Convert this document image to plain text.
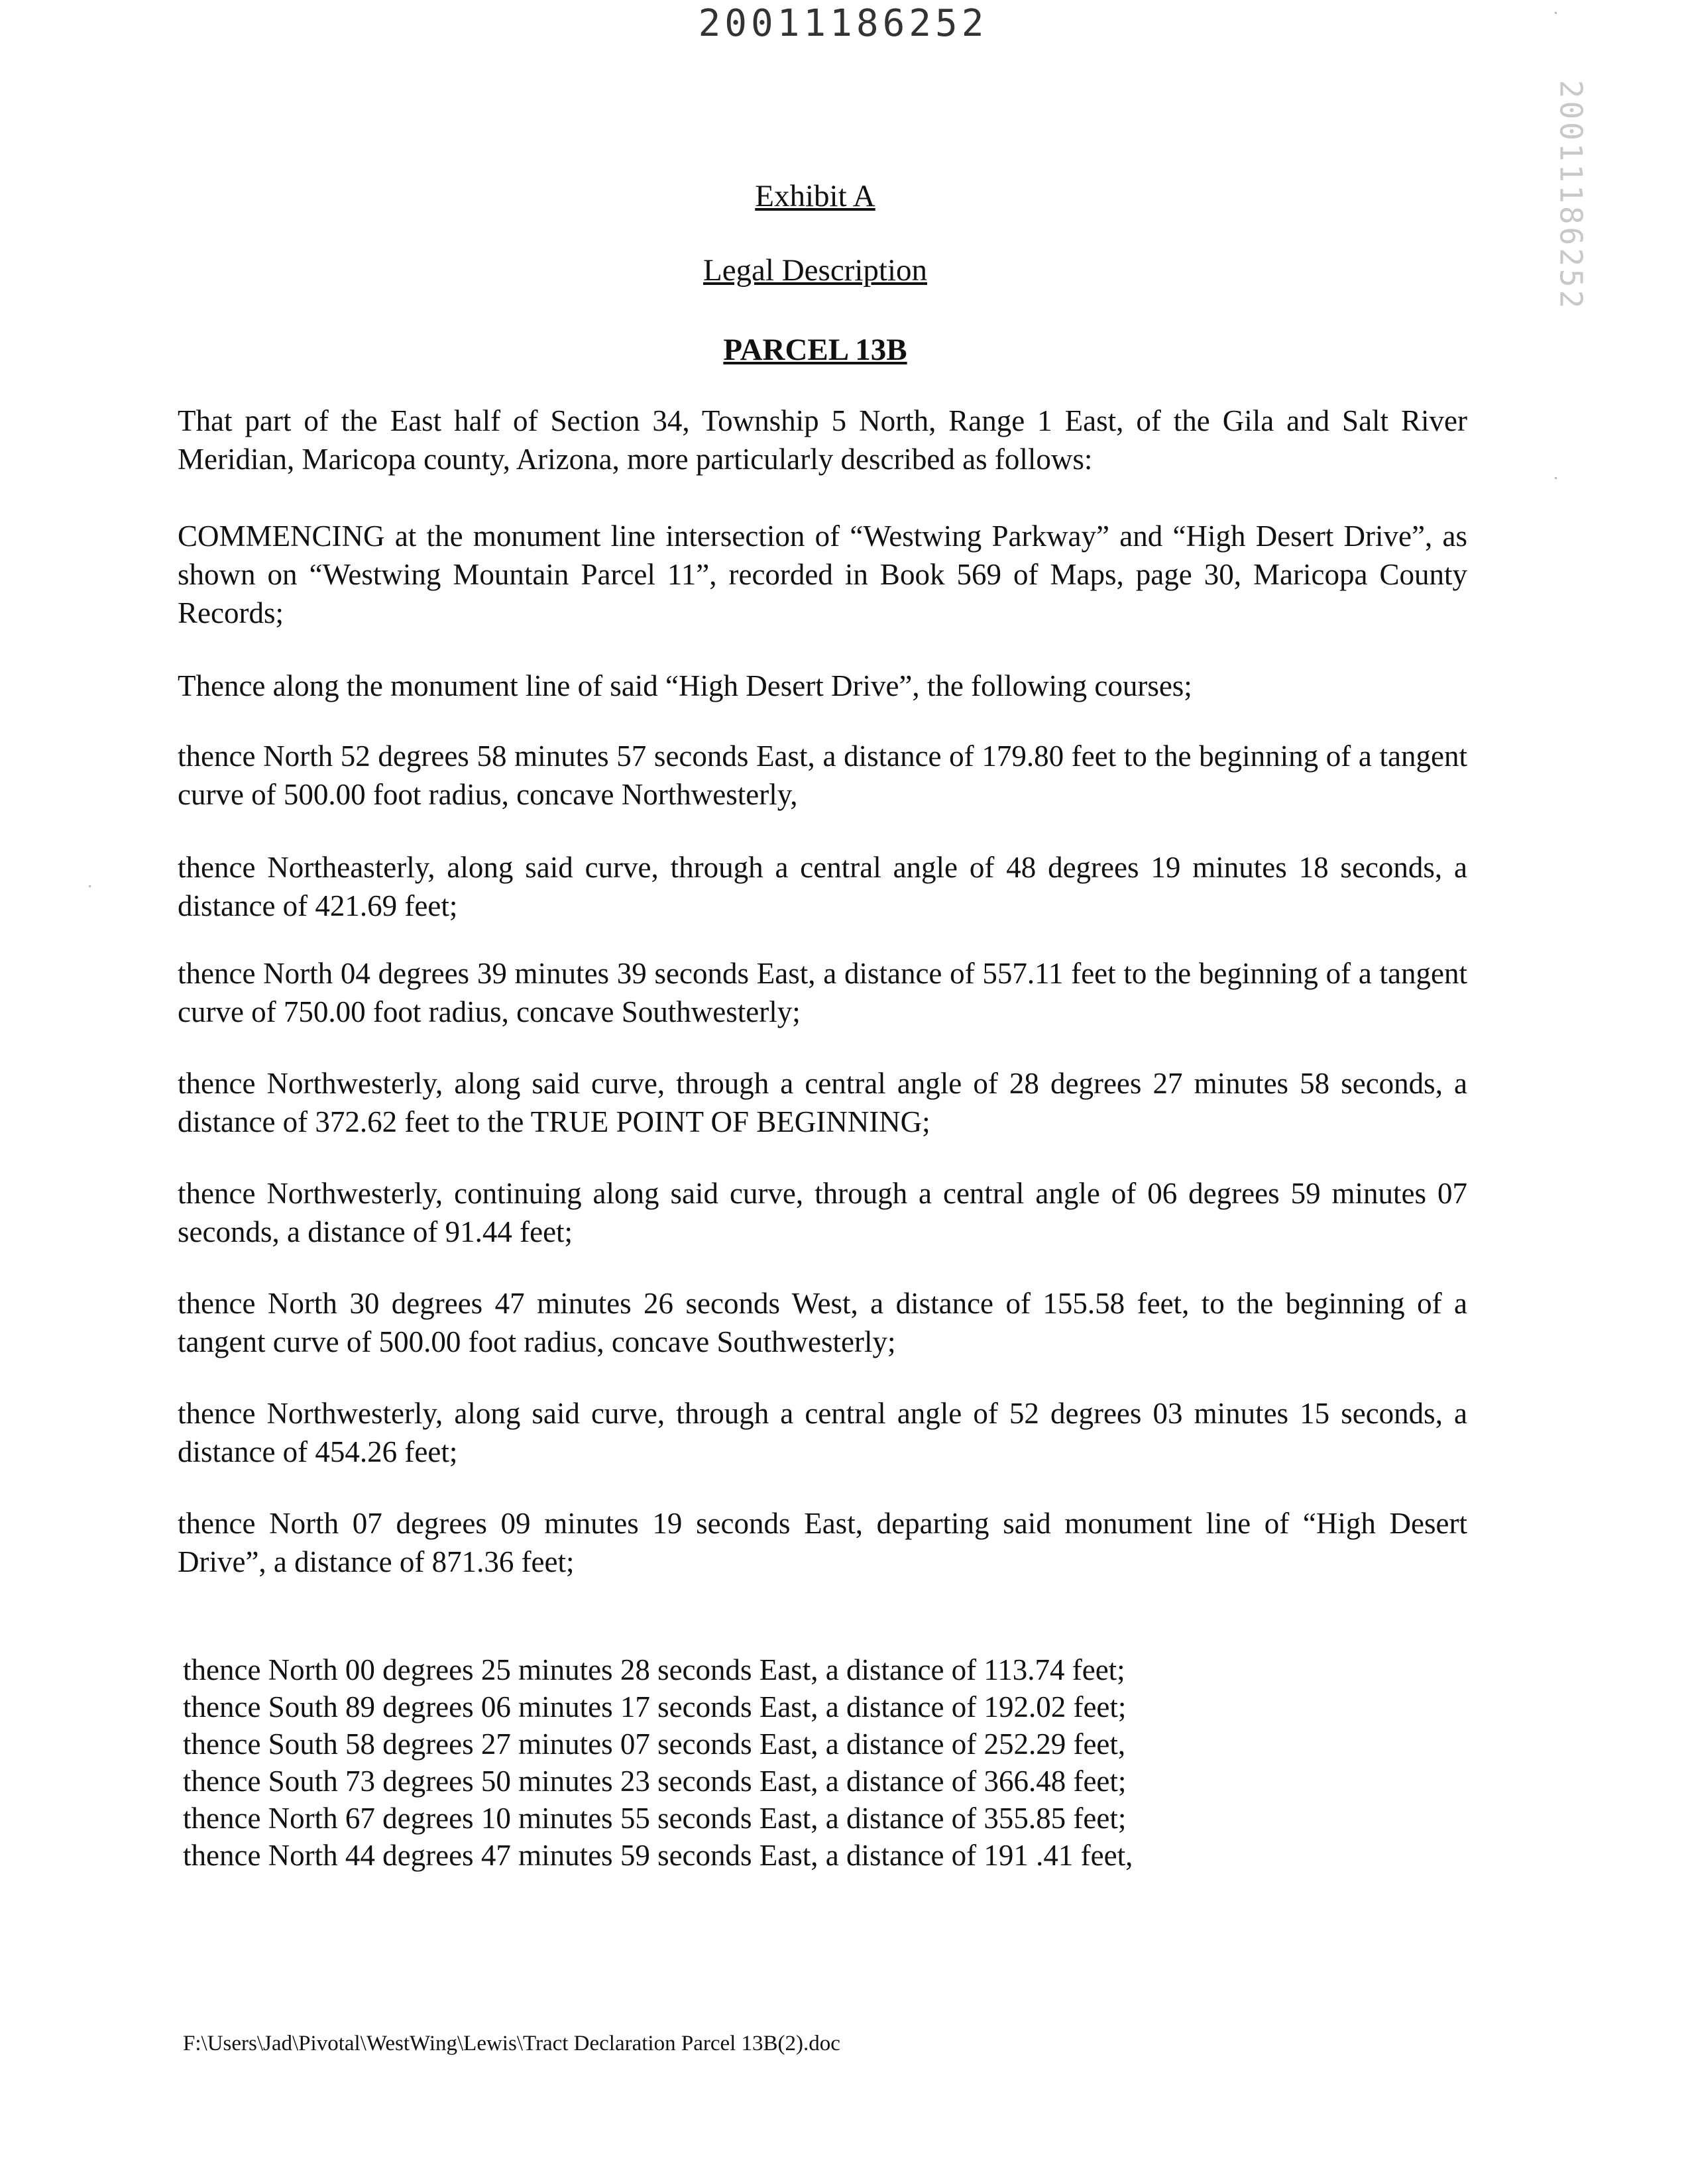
20011186252
20011186252
Exhibit A
Legal Description
PARCEL 13B
That part of the East half of Section 34, Township 5 North, Range 1 East, of the Gila and Salt River Meridian, Maricopa county, Arizona, more particularly described as follows:
COMMENCING at the monument line intersection of “Westwing Parkway” and “High Desert Drive”, as shown on “Westwing Mountain Parcel 11”, recorded in Book 569 of Maps, page 30, Maricopa County Records;
Thence along the monument line of said “High Desert Drive”, the following courses;
thence North 52 degrees 58 minutes 57 seconds East, a distance of 179.80 feet to the beginning of a tangent curve of 500.00 foot radius, concave Northwesterly,
thence Northeasterly, along said curve, through a central angle of 48 degrees 19 minutes 18 seconds, a distance of 421.69 feet;
thence North 04 degrees 39 minutes 39 seconds East, a distance of 557.11 feet to the beginning of a tangent curve of 750.00 foot radius, concave Southwesterly;
thence Northwesterly, along said curve, through a central angle of 28 degrees 27 minutes 58 seconds, a distance of 372.62 feet to the TRUE POINT OF BEGINNING;
thence Northwesterly, continuing along said curve, through a central angle of 06 degrees 59 minutes 07 seconds, a distance of 91.44 feet;
thence North 30 degrees 47 minutes 26 seconds West, a distance of 155.58 feet, to the beginning of a tangent curve of 500.00 foot radius, concave Southwesterly;
thence Northwesterly, along said curve, through a central angle of 52 degrees 03 minutes 15 seconds, a distance of 454.26 feet;
thence North 07 degrees 09 minutes 19 seconds East, departing said monument line of “High Desert Drive”, a distance of 871.36 feet;
thence North 00 degrees 25 minutes 28 seconds East, a distance of 113.74 feet;
thence South 89 degrees 06 minutes 17 seconds East, a distance of 192.02 feet;
thence South 58 degrees 27 minutes 07 seconds East, a distance of 252.29 feet,
thence South 73 degrees 50 minutes 23 seconds East, a distance of 366.48 feet;
thence North 67 degrees 10 minutes 55 seconds East, a distance of 355.85 feet;
thence North 44 degrees 47 minutes 59 seconds East, a distance of 191 .41 feet,
F:\Users\Jad\Pivotal\WestWing\Lewis\Tract Declaration Parcel 13B(2).doc
